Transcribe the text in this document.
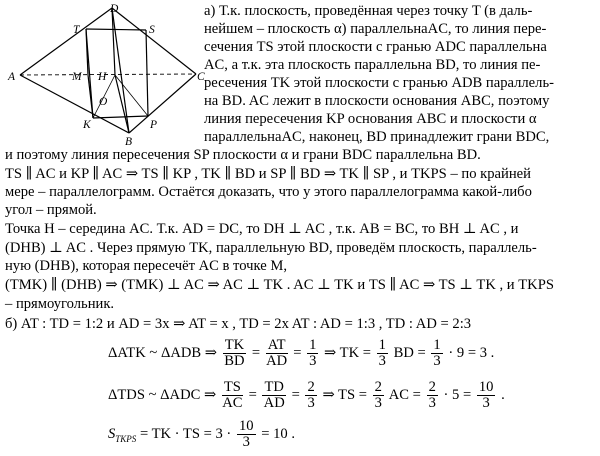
D
T	S
A	M H
O
C
K	P
B
а) Т.к. плоскость, проведённая через точку T (в даль-
нейшем – плоскость α) параллельнаAC, то линия пере-
сечения TS этой плоскости с гранью ADC параллельна
AC, а т.к. эта плоскость параллельна BD, то линия пе-
ресечения TK этой плоскости с гранью ADB параллель-
на BD. AC лежит в плоскости основания ABC, поэтому
линия пересечения KP основания ABC и плоскости α
параллельнаAC, наконец, BD принадлежит грани BDC,
и поэтому линия пересечения SP плоскости α и грани BDC параллельна BD.
TS ∥ AC и KP ∥ AC ⇒ TS ∥ KP , TK ∥ BD и SP ∥ BD ⇒ TK ∥ SP , и TKPS – по крайней
мере – параллелограмм. Остаётся доказать, что у этого параллелограмма какой-либо
угол – прямой.
Точка H – середина AC. Т.к. AD = DC, то DH ⊥ AC , т.к. AB = BC, то BH ⊥ AC , и
(DHB) ⊥ AC . Через прямую TK, параллельную BD, проведём плоскость, параллель-
ную (DHB), которая пересечёт AC в точке M,
(TMK) ∥ (DHB) ⇒ (TMK) ⊥ AC ⇒ AC ⊥ TK . AC ⊥ TK и TS ∥ AC ⇒ TS ⊥ TK , и TKPS
– прямоугольник.
б) AT : TD = 1:2 и AD = 3x ⇒ AT = x , TD = 2x AT : AD = 1:3 , TD : AD = 2:3
ΔATK ~ ΔADB ⇒ $\frac{TK}{BD} = \frac{AT}{AD} = \frac{1}{3}$ ⇒ TK = $\frac{1}{3}$ BD = $\frac{1}{3} \cdot 9 = 3$ .
ΔTDS ~ ΔADC ⇒ $\frac{TS}{AC} = \frac{TD}{AD} = \frac{2}{3}$ ⇒ TS = $\frac{2}{3}$ AC = $\frac{2}{3} \cdot 5 = \frac{10}{3}$ .
$S_{TKPS}$ = TK · TS = $3 \cdot \frac{10}{3} = 10$ .
